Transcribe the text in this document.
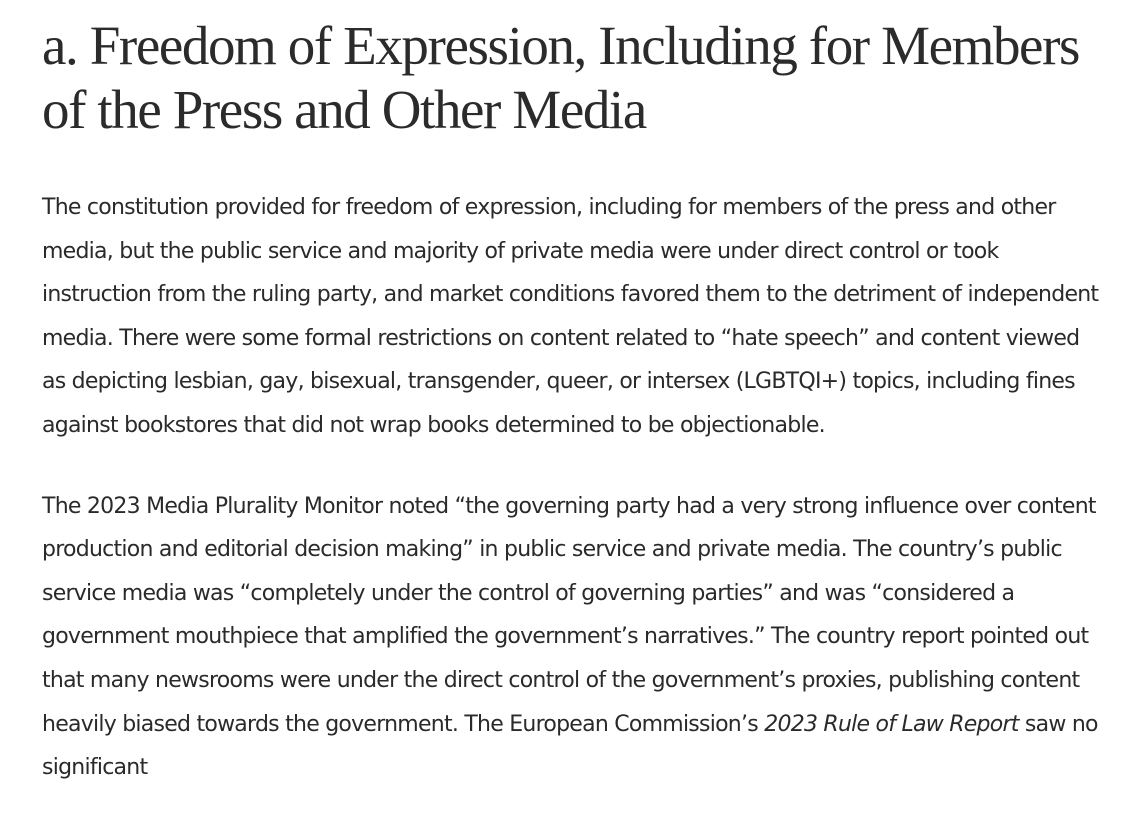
a. Freedom of Expression, Including for Members of the Press and Other Media

The constitution provided for freedom of expression, including for members of the press and other media, but the public service and majority of private media were under direct control or took instruction from the ruling party, and market conditions favored them to the detriment of independent media. There were some formal restrictions on content related to “hate speech” and content viewed as depicting lesbian, gay, bisexual, transgender, queer, or intersex (LGBTQI+) topics, including fines against bookstores that did not wrap books determined to be objectionable.

The 2023 Media Plurality Monitor noted “the governing party had a very strong influence over content production and editorial decision making” in public service and private media. The country’s public service media was “completely under the control of governing parties” and was “considered a government mouthpiece that amplified the government’s narratives.” The country report pointed out that many newsrooms were under the direct control of the government’s proxies, publishing content heavily biased towards the government. The European Commission’s 2023 Rule of Law Report saw no significant
